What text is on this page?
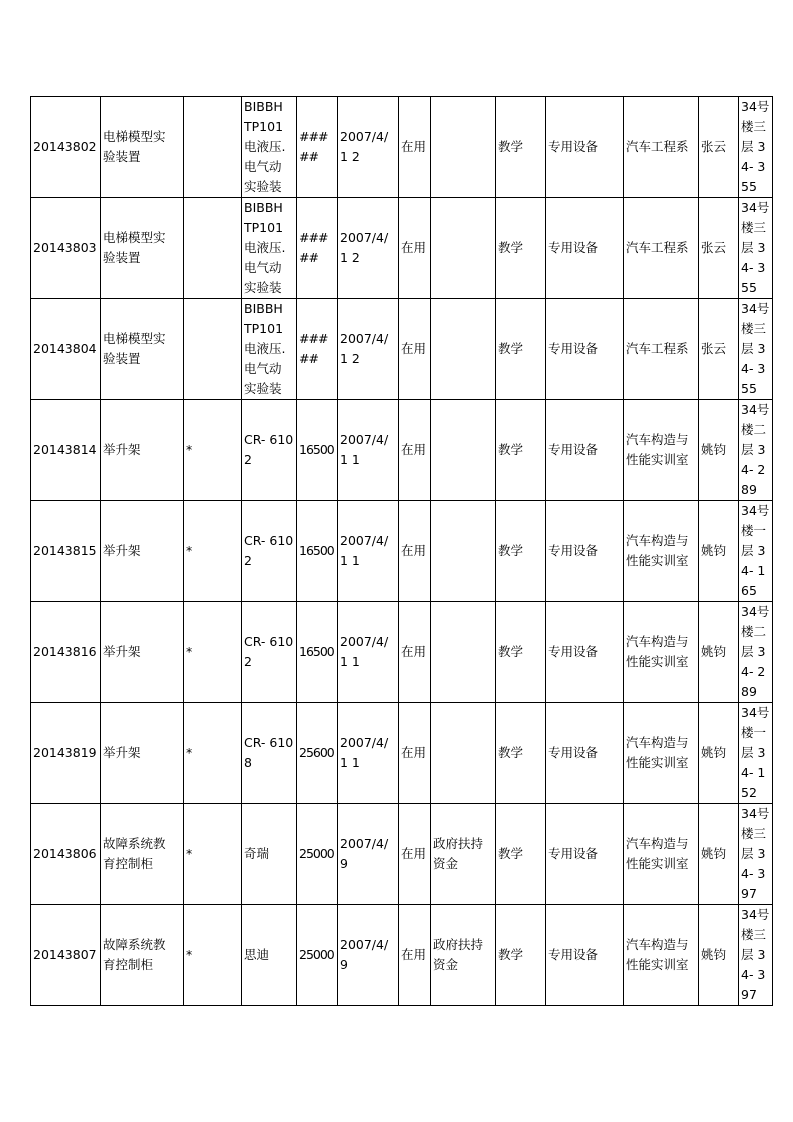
20143802	电梯模型实 验装置		BIBBH TP101 电液压. 电气动 实验装	#####	2007/4/1 2	在用		教学	专用设备	汽车工程系	张云	34号 楼三 层 34- 355
20143803	电梯模型实 验装置		BIBBH TP101 电液压. 电气动 实验装	#####	2007/4/1 2	在用		教学	专用设备	汽车工程系	张云	34号 楼三 层 34- 355
20143804	电梯模型实 验装置		BIBBH TP101 电液压. 电气动 实验装	#####	2007/4/1 2	在用		教学	专用设备	汽车工程系	张云	34号 楼三 层 34- 355
20143814	举升架	*	CR- 6102	16500	2007/4/1 1	在用		教学	专用设备	汽车构造与 性能实训室	姚钧	34号 楼二 层 34- 289
20143815	举升架	*	CR- 6102	16500	2007/4/1 1	在用		教学	专用设备	汽车构造与 性能实训室	姚钧	34号 楼一 层 34- 165
20143816	举升架	*	CR- 6102	16500	2007/4/1 1	在用		教学	专用设备	汽车构造与 性能实训室	姚钧	34号 楼二 层 34- 289
20143819	举升架	*	CR- 6108	25600	2007/4/1 1	在用		教学	专用设备	汽车构造与 性能实训室	姚钧	34号 楼一 层 34- 152
20143806	故障系统教 育控制柜	*	奇瑞	25000	2007/4/9	在用	政府扶持 资金	教学	专用设备	汽车构造与 性能实训室	姚钧	34号 楼三 层 34- 397
20143807	故障系统教 育控制柜	*	思迪	25000	2007/4/9	在用	政府扶持 资金	教学	专用设备	汽车构造与 性能实训室	姚钧	34号 楼三 层 34- 397
